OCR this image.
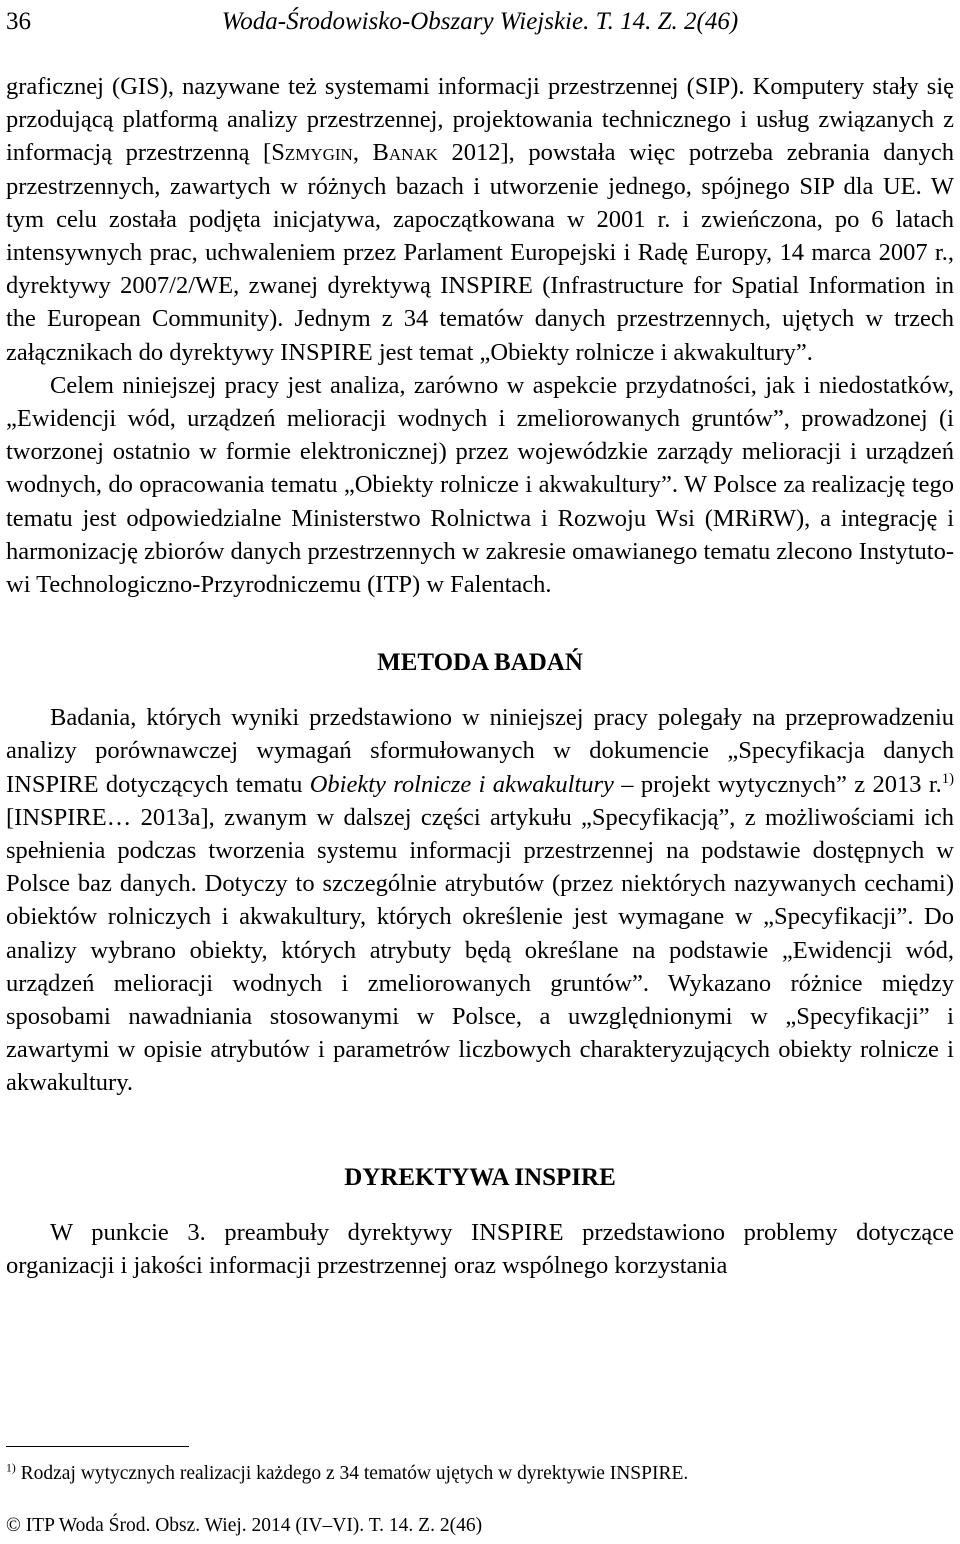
36	Woda-Środowisko-Obszary Wiejskie. T. 14. Z. 2(46)

graficznej (GIS), nazywane też systemami informacji przestrzennej (SIP). Komputery stały się przodującą platformą analizy przestrzennej, projektowania technicznego i usług związanych z informacją przestrzenną [Szmygin, Banak 2012], powstała więc potrzeba zebrania danych przestrzennych, zawartych w różnych bazach i utworzenie jednego, spójnego SIP dla UE. W tym celu została podjęta inicjatywa, zapoczątkowana w 2001 r. i zwieńczona, po 6 latach intensywnych prac, uchwaleniem przez Parlament Europejski i Radę Europy, 14 marca 2007 r., dyrektywy 2007/2/WE, zwanej dyrektywą INSPIRE (Infrastructure for Spatial Information in the European Community). Jednym z 34 tematów danych przestrzennych, ujętych w trzech załącznikach do dyrektywy INSPIRE jest temat „Obiekty rolnicze i akwakultury”.

Celem niniejszej pracy jest analiza, zarówno w aspekcie przydatności, jak i niedostatków, „Ewidencji wód, urządzeń melioracji wodnych i zmeliorowanych gruntów”, prowadzonej (i tworzonej ostatnio w formie elektronicznej) przez wojewódzkie zarządy melioracji i urządzeń wodnych, do opracowania tematu „Obiekty rolnicze i akwakultury”. W Polsce za realizację tego tematu jest odpowiedzialne Ministerstwo Rolnictwa i Rozwoju Wsi (MRiRW), a integrację i harmonizację zbiorów danych przestrzennych w zakresie omawianego tematu zlecono Instytutowi Technologiczno-Przyrodniczemu (ITP) w Falentach.

METODA BADAŃ

Badania, których wyniki przedstawiono w niniejszej pracy polegały na przeprowadzeniu analizy porównawczej wymagań sformułowanych w dokumencie „Specyfikacja danych INSPIRE dotyczących tematu Obiekty rolnicze i akwakultury – projekt wytycznych” z 2013 r.$^{1)}$ [INSPIRE… 2013a], zwanym w dalszej części artykułu „Specyfikacją”, z możliwościami ich spełnienia podczas tworzenia systemu informacji przestrzennej na podstawie dostępnych w Polsce baz danych. Dotyczy to szczególnie atrybutów (przez niektórych nazywanych cechami) obiektów rolniczych i akwakultury, których określenie jest wymagane w „Specyfikacji”. Do analizy wybrano obiekty, których atrybuty będą określane na podstawie „Ewidencji wód, urządzeń melioracji wodnych i zmeliorowanych gruntów”. Wykazano różnice między sposobami nawadniania stosowanymi w Polsce, a uwzględnionymi w „Specyfikacji” i zawartymi w opisie atrybutów i parametrów liczbowych charakteryzujących obiekty rolnicze i akwakultury.

DYREKTYWA INSPIRE

W punkcie 3. preambuły dyrektywy INSPIRE przedstawiono problemy dotyczące organizacji i jakości informacji przestrzennej oraz wspólnego korzystania

$^{1)}$ Rodzaj wytycznych realizacji każdego z 34 tematów ujętych w dyrektywie INSPIRE.
© ITP Woda Środ. Obsz. Wiej. 2014 (IV–VI). T. 14. Z. 2(46)
